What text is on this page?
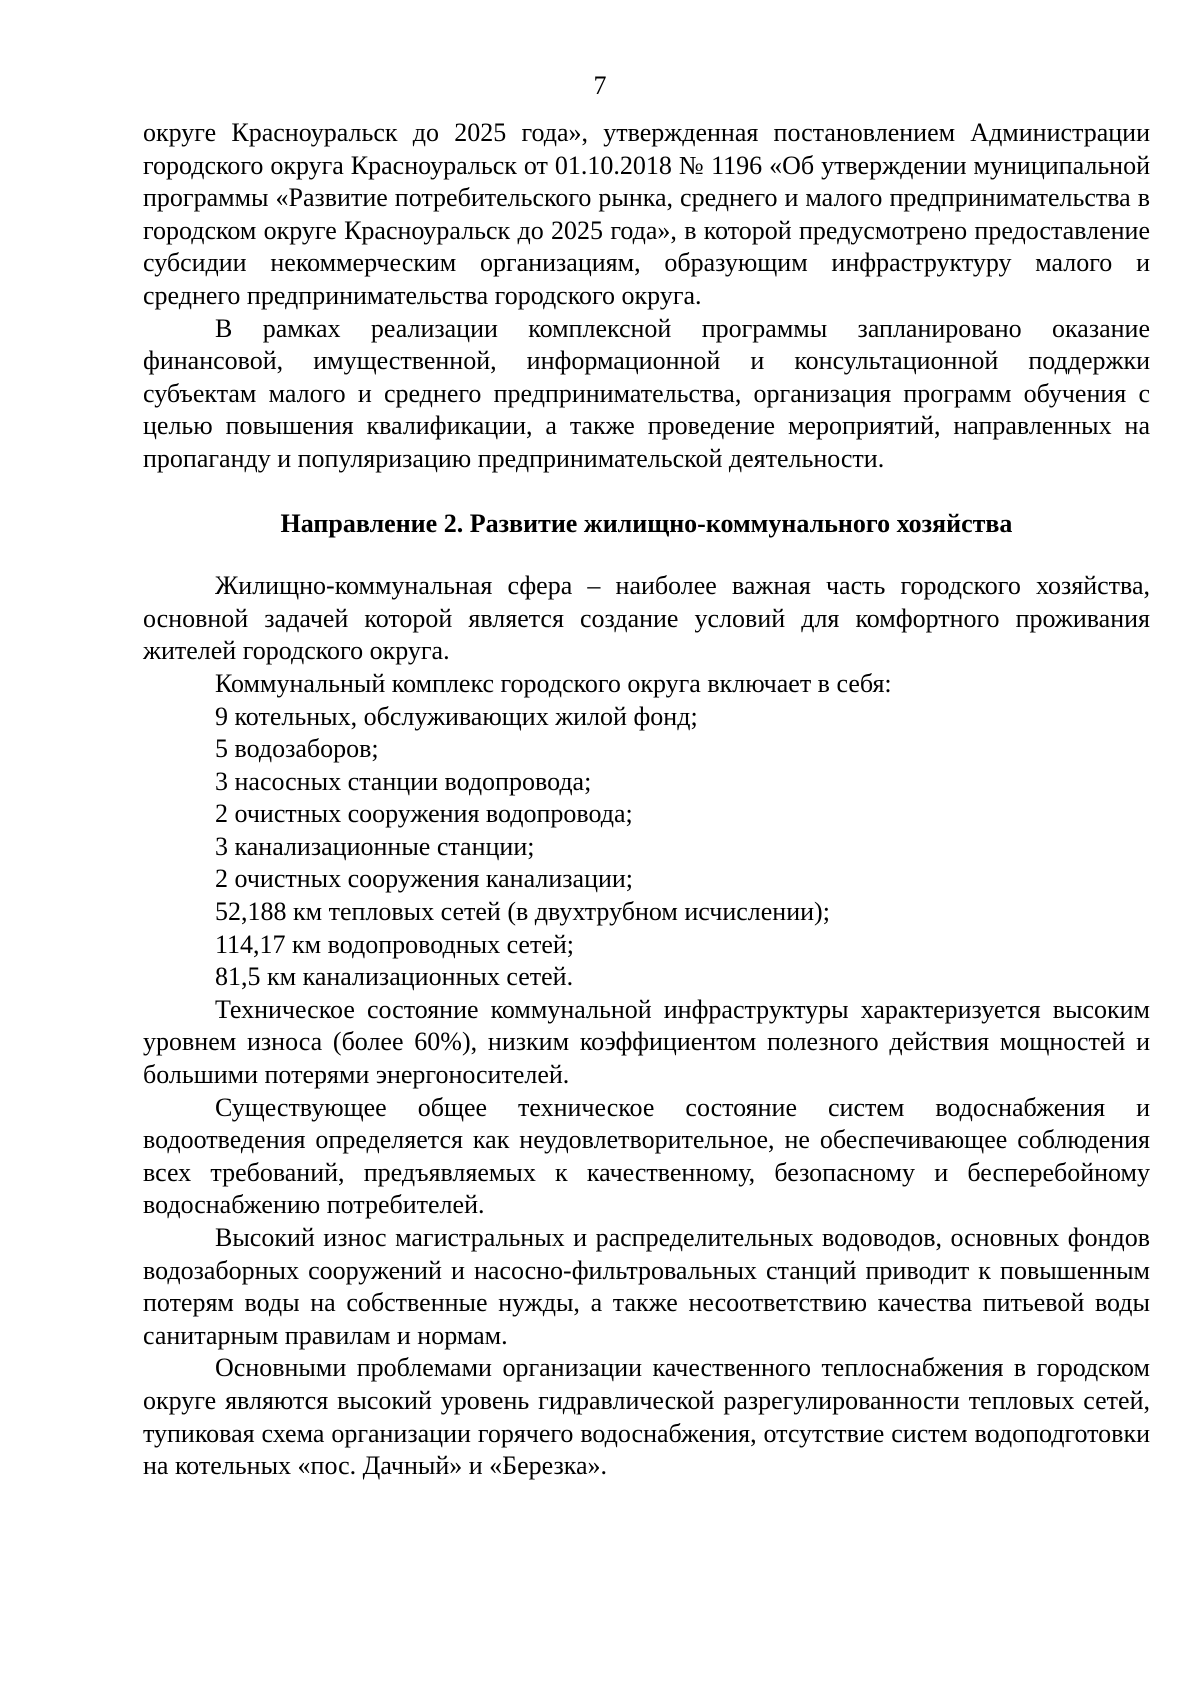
7

округе Красноуральск до 2025 года», утвержденная постановлением Администрации городского округа Красноуральск от 01.10.2018 № 1196 «Об утверждении муниципальной программы «Развитие потребительского рынка, среднего и малого предпринимательства в городском округе Красноуральск до 2025 года», в которой предусмотрено предоставление субсидии некоммерческим организациям, образующим инфраструктуру малого и среднего предпринимательства городского округа.

В рамках реализации комплексной программы запланировано оказание финансовой, имущественной, информационной и консультационной поддержки субъектам малого и среднего предпринимательства, организация программ обучения с целью повышения квалификации, а также проведение мероприятий, направленных на пропаганду и популяризацию предпринимательской деятельности.

Направление 2. Развитие жилищно-коммунального хозяйства

Жилищно-коммунальная сфера – наиболее важная часть городского хозяйства, основной задачей которой является создание условий для комфортного проживания жителей городского округа.

Коммунальный комплекс городского округа включает в себя:

9 котельных, обслуживающих жилой фонд;

5 водозаборов;

3 насосных станции водопровода;

2 очистных сооружения водопровода;

3 канализационные станции;

2 очистных сооружения канализации;

52,188 км тепловых сетей (в двухтрубном исчислении);

114,17 км водопроводных сетей;

81,5 км канализационных сетей.

Техническое состояние коммунальной инфраструктуры характеризуется высоким уровнем износа (более 60%), низким коэффициентом полезного действия мощностей и большими потерями энергоносителей.

Существующее общее техническое состояние систем водоснабжения и водоотведения определяется как неудовлетворительное, не обеспечивающее соблюдения всех требований, предъявляемых к качественному, безопасному и бесперебойному водоснабжению потребителей.

Высокий износ магистральных и распределительных водоводов, основных фондов водозаборных сооружений и насосно-фильтровальных станций приводит к повышенным потерям воды на собственные нужды, а также несоответствию качества питьевой воды санитарным правилам и нормам.

Основными проблемами организации качественного теплоснабжения в городском округе являются высокий уровень гидравлической разрегулированности тепловых сетей, тупиковая схема организации горячего водоснабжения, отсутствие систем водоподготовки на котельных «пос. Дачный» и «Березка».
